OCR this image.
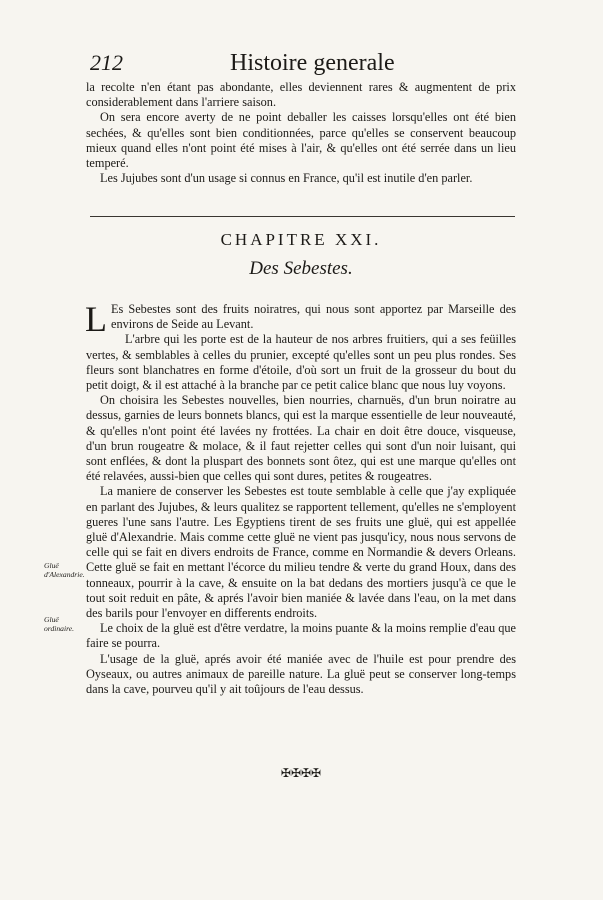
212	Histoire generale

la recolte n'en étant pas abondante, elles deviennent rares & augmentent de prix considerablement dans l'arriere saison.

On sera encore averty de ne point deballer les caisses lorsqu'elles ont été bien sechées, & qu'elles sont bien conditionnées, parce qu'elles se conservent beaucoup mieux quand elles n'ont point été mises à l'air, & qu'elles ont été serrée dans un lieu temperé.

Les Jujubes sont d'un usage si connus en France, qu'il est inutile d'en parler.

CHAPITRE XXI.
Des Sebestes.

L Es Sebestes sont des fruits noiratres, qui nous sont apportez par Marseille des environs de Seide au Levant.

L'arbre qui les porte est de la hauteur de nos arbres fruitiers, qui a ses feüilles vertes, & semblables à celles du prunier, excepté qu'elles sont un peu plus rondes. Ses fleurs sont blanchatres en forme d'étoile, d'où sort un fruit de la grosseur du bout du petit doigt, & il est attaché à la branche par ce petit calice blanc que nous luy voyons.

On choisira les Sebestes nouvelles, bien nourries, charnuës, d'un brun noiratre au dessus, garnies de leurs bonnets blancs, qui est la marque essentielle de leur nouveauté, & qu'elles n'ont point été lavées ny frottées. La chair en doit être douce, visqueuse, d'un brun rougeatre & molace, & il faut rejetter celles qui sont d'un noir luisant, qui sont enflées, & dont la pluspart des bonnets sont ôtez, qui est une marque qu'elles ont été relavées, aussi-bien que celles qui sont dures, petites & rougeatres.

La maniere de conserver les Sebestes est toute semblable à celle que j'ay expliquée en parlant des Jujubes, & leurs qualitez se rapportent tellement, qu'elles ne s'employent gueres l'une sans l'autre. Les Egyptiens tirent de ses fruits une gluë, qui est appellée gluë d'Alexandrie. Mais comme cette gluë ne vient pas jusqu'icy, nous nous servons de celle qui se fait en divers endroits de France, comme en Normandie & devers Orleans. Cette gluë se fait en mettant l'écorce du milieu tendre & verte du grand Houx, dans des tonneaux, pourrir à la cave, & ensuite on la bat dedans des mortiers jusqu'à ce que le tout soit reduit en pâte, & aprés l'avoir bien maniée & lavée dans l'eau, on la met dans des barils pour l'envoyer en differents endroits.

Le choix de la gluë est d'être verdatre, la moins puante & la moins remplie d'eau que faire se pourra.

L'usage de la gluë, aprés avoir été maniée avec de l'huile est pour prendre des Oyseaux, ou autres animaux de pareille nature. La gluë peut se conserver long-temps dans la cave, pourveu qu'il y ait toûjours de l'eau dessus.

Gluë d'Alexandrie.
Gluë ordinaire.
✠✠✠✠
